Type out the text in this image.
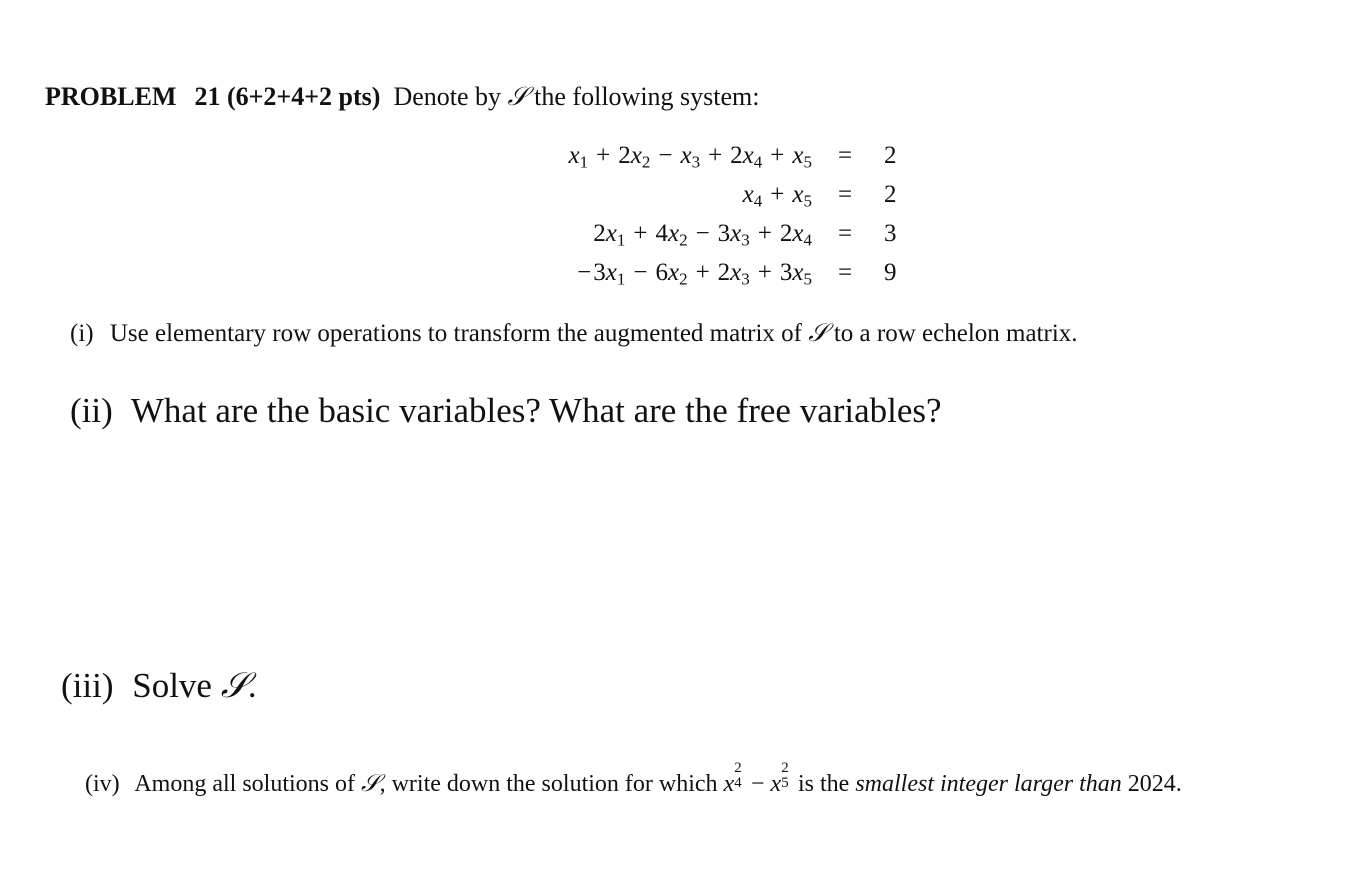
PROBLEM 21 (6+2+4+2 pts) Denote by 𝒮 the following system:
$x_1 + 2x_2 - x_3 + 2x_4 + x_5 = 2$
$x_4 + x_5 = 2$
$2x_1 + 4x_2 - 3x_3 + 2x_4 = 3$
$-3x_1 - 6x_2 + 2x_3 + 3x_5 = 9$
(i) Use elementary row operations to transform the augmented matrix of 𝒮 to a row echelon matrix.
(ii) What are the basic variables? What are the free variables?
(iii) Solve 𝒮.
(iv) Among all solutions of 𝒮, write down the solution for which x
2
4 − x
2
5 is the smallest integer larger than 2024.
